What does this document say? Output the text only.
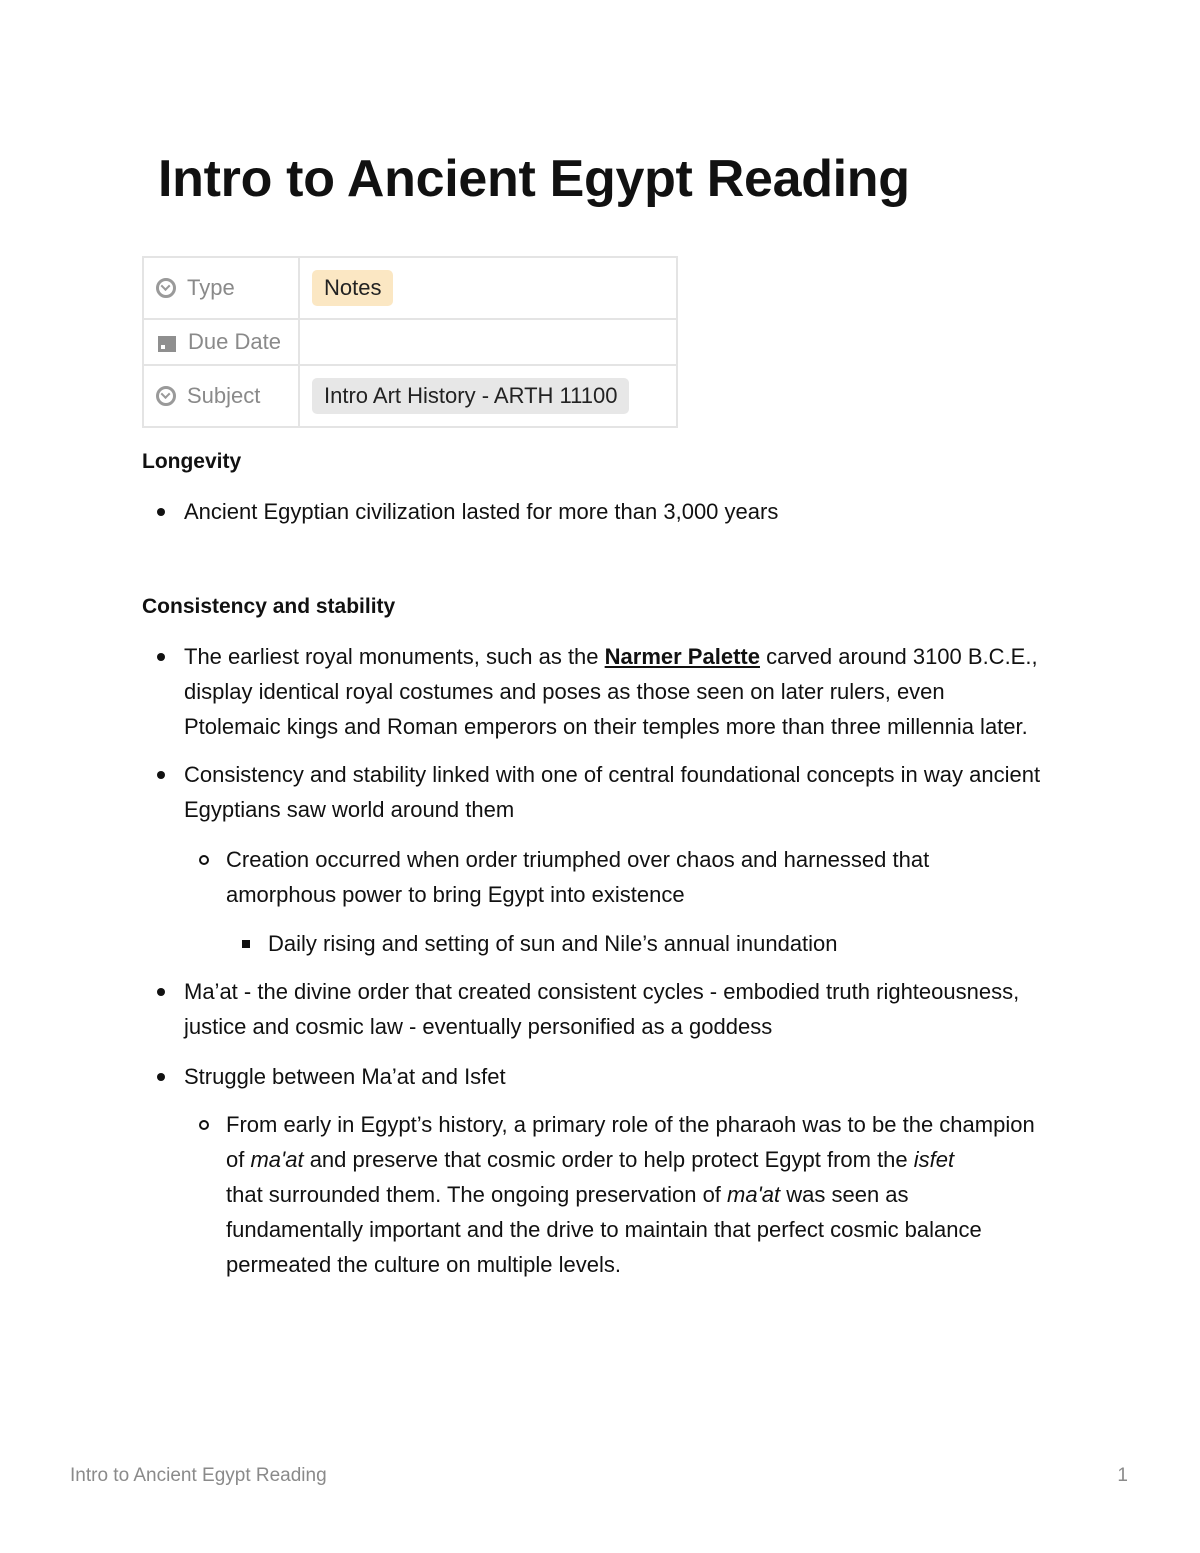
Intro to Ancient Egypt Reading
Type	Notes

Due Date	

Subject	Intro Art History - ARTH 11100

Longevity

Ancient Egyptian civilization lasted for more than 3,000 years

Consistency and stability

The earliest royal monuments, such as the Narmer Palette carved around 3100 B.C.E., display identical royal costumes and poses as those seen on later rulers, even Ptolemaic kings and Roman emperors on their temples more than three millennia later.
Consistency and stability linked with one of central foundational concepts in way ancient Egyptians saw world around them
Creation occurred when order triumphed over chaos and harnessed that amorphous power to bring Egypt into existence
Daily rising and setting of sun and Nile’s annual inundation
Ma’at - the divine order that created consistent cycles - embodied truth righteousness, justice and cosmic law - eventually personified as a goddess
Struggle between Ma’at and Isfet
From early in Egypt’s history, a primary role of the pharaoh was to be the champion of ma'at and preserve that cosmic order to help protect Egypt from the isfet
that surrounded them. The ongoing preservation of ma'at was seen as fundamentally important and the drive to maintain that perfect cosmic balance permeated the culture on multiple levels.
Intro to Ancient Egypt Reading	1
